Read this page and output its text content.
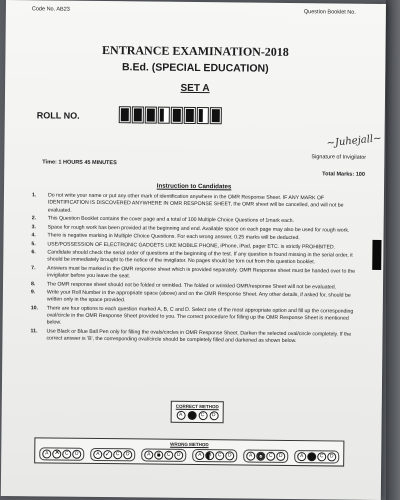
Code No. AB23	Question Booklet No.
ENTRANCE EXAMINATION-2018
B.Ed. (SPECIAL EDUCATION)
SET A
ROLL NO.
~Juhejall~
Signature of Invigilator
Time: 1 HOURS 45 MINUTES
Total Marks: 100
Instruction to Candidates
1.	Do not write your name or put any other mark of identification anywhere in the OMR Response Sheet. IF ANY MARK OF IDENTIFICATION IS DISCOVERED ANYWHERE IN OMR RESPONSE SHEET, the OMR sheet will be cancelled, and will not be evaluated.
2.	This Question Booklet contains the cover page and a total of 100 Multiple Choice Questions of 1mark each.
3.	Space for rough work has been provided at the beginning and end. Available space on each page may also be used for rough work.
4.	There is negative marking in Multiple Choice Questions. For each wrong answer, 0.25 marks will be deducted.
5.	USE/POSSESSION OF ELECTRONIC GADGETS LIKE MOBILE PHONE, iPhone, iPad, pager ETC. is strictly PROHIBITED.
6.	Candidate should check the serial order of questions at the beginning of the test. If any question is found missing in the serial order, it should be immediately brought to the notice of the invigilator. No pages should be torn out from this question booklet.
7.	Answers must be marked in the OMR response sheet which is provided separately. OMR Response sheet must be handed over to the invigilator before you leave the seat.
8.	The OMR response sheet should not be folded or wrinkled. The folded or wrinkled OMR/response Sheet will not be evaluated.
9.	Write your Roll Number in the appropriate space (above) and on the OMR Response Sheet. Any other details, if asked for, should be written only in the space provided.
10.	There are four options to each question marked A, B, C and D. Select one of the most appropriate option and fill up the corresponding oval/circle in the OMR Response Sheet provided to you. The correct procedure for filling up the OMR Response Sheet is mentioned below.
11.	Use Black or Blue Ball Pen only for filling the ovals/circles in OMR Response Sheet. Darken the selected oval/circle completely. If the correct answer is 'B', the corresponding oval/circle should be completely filled and darkened as shown below.
CORRECT METHOD
A	B	C	D
WRONG METHOD
A ✕	C	D	A ✓	C	D	A	B	C	D	A	B	C	D	A	B	C	D	A	B	C	D
